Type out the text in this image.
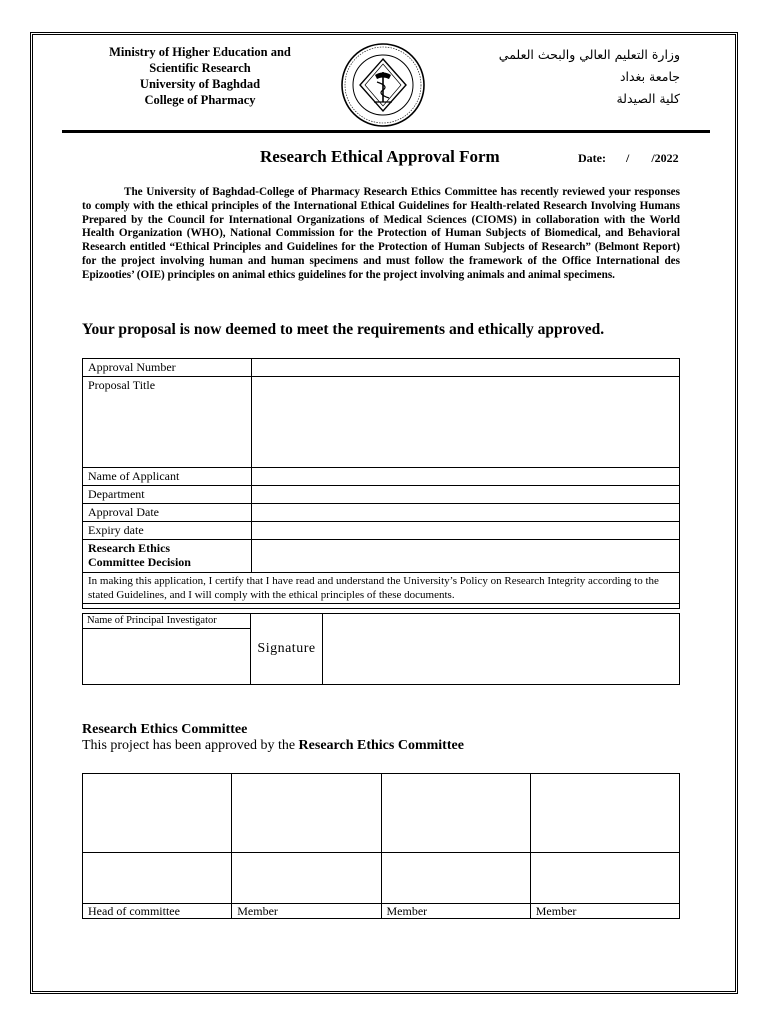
Ministry of Higher Education and
Scientific Research
University of Baghdad
College of Pharmacy
وزارة التعليم العالي والبحث العلمي
جامعة بغداد
كلية الصيدلة
Research Ethical Approval Form	Date: / /2022

The University of Baghdad-College of Pharmacy Research Ethics Committee has recently reviewed your responses to comply with the ethical principles of the International Ethical Guidelines for Health-related Research Involving Humans Prepared by the Council for International Organizations of Medical Sciences (CIOMS) in collaboration with the World Health Organization (WHO), National Commission for the Protection of Human Subjects of Biomedical, and Behavioral Research entitled “Ethical Principles and Guidelines for the Protection of Human Subjects of Research” (Belmont Report) for the project involving human and human specimens and must follow the framework of the Office International des Epizooties’ (OIE) principles on animal ethics guidelines for the project involving animals and animal specimens.

Your proposal is now deemed to meet the requirements and ethically approved.
Approval Number	
Proposal Title	
Name of Applicant	
Department	
Approval Date	
Expiry date	

Research Ethics
Committee Decision	

In making this application, I certify that I have read and understand the University’s Policy on Research Integrity according to the stated Guidelines, and I will comply with the ethical principles of these documents.	

Name of Principal Investigator	Signature	

Research Ethics Committee
This project has been approved by the Research Ethics Committee

Head of committee	Member	Member	Member
